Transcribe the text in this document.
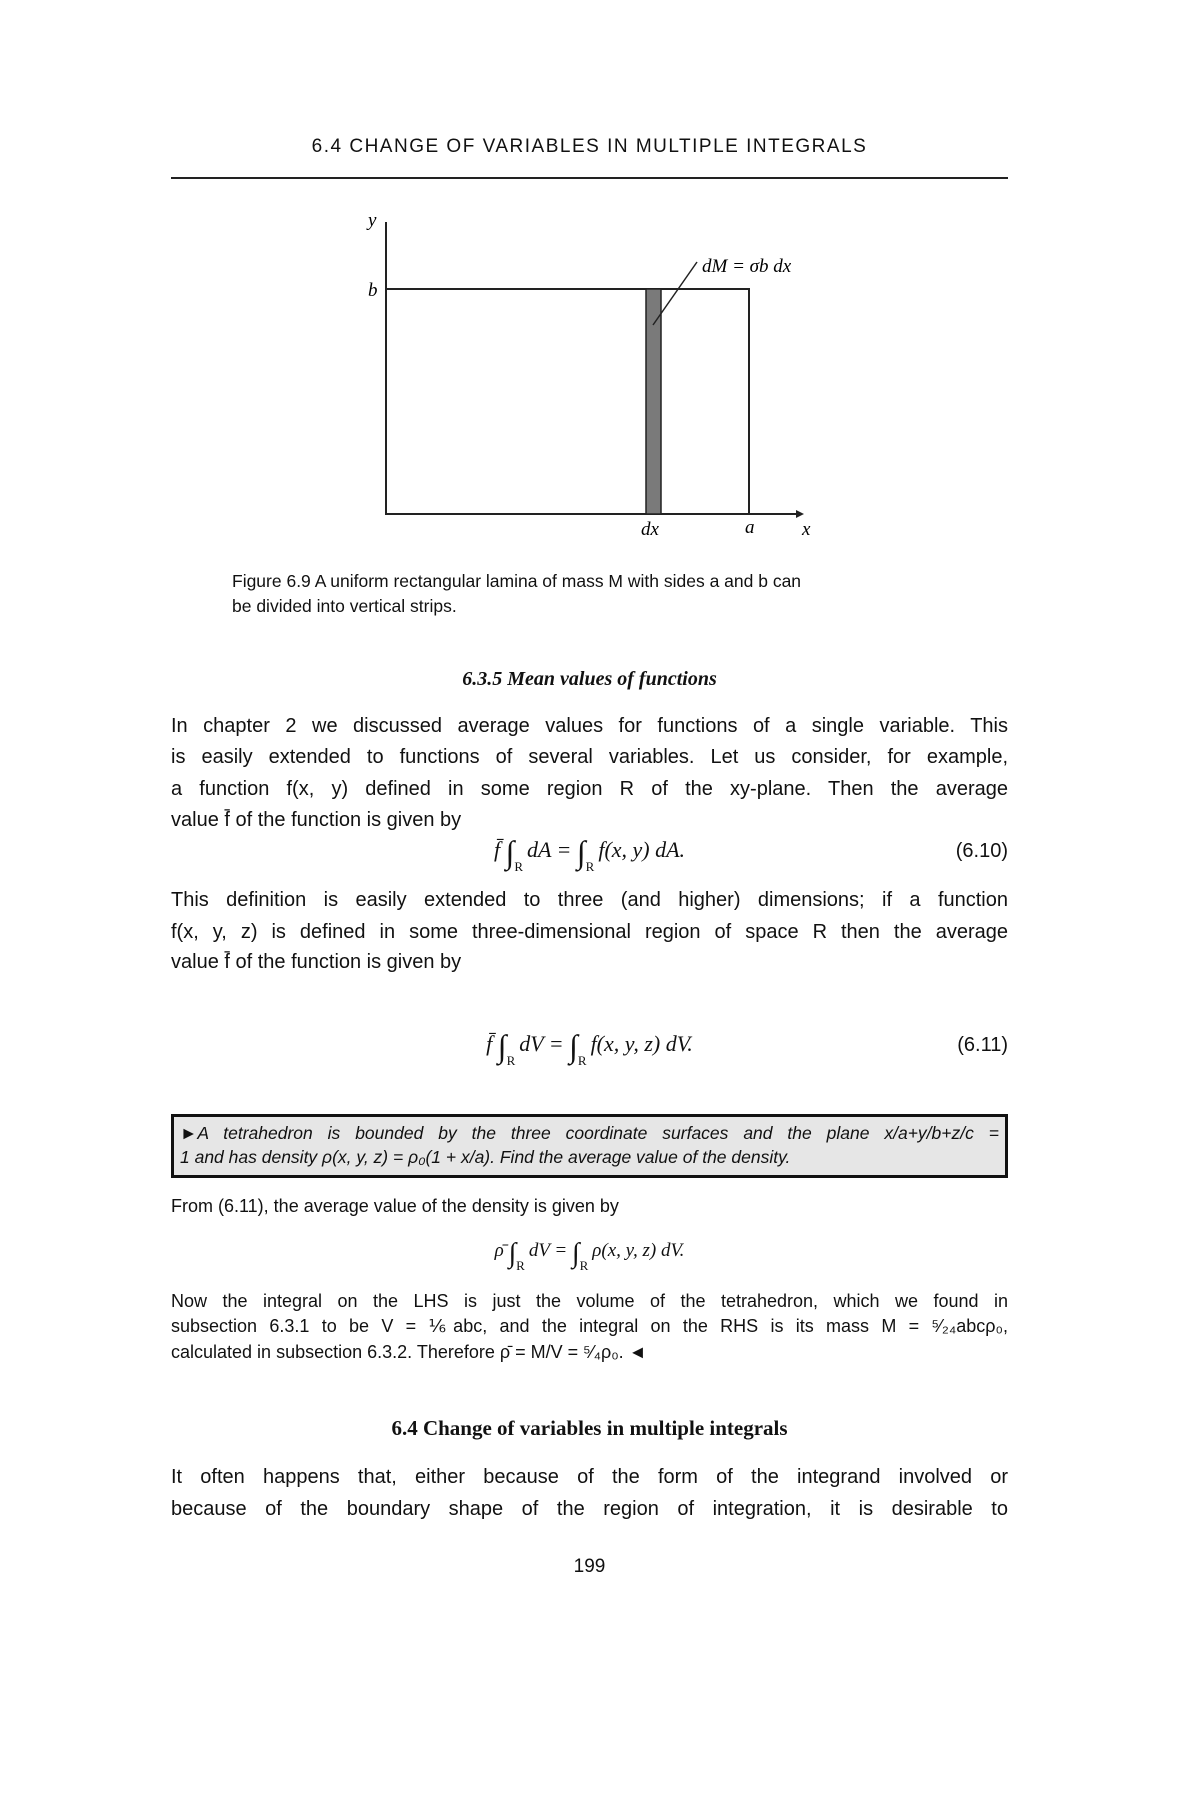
6.4 CHANGE OF VARIABLES IN MULTIPLE INTEGRALS
y
b
dM = σb dx
dx	a	x
Figure 6.9 A uniform rectangular lamina of mass M with sides a and b can
be divided into vertical strips.
6.3.5 Mean values of functions
In chapter 2 we discussed average values for functions of a single variable. This
is easily extended to functions of several variables. Let us consider, for example,
a function f(x, y) defined in some region R of the xy-plane. Then the average
value f̄ of the function is given by
f̄ $\int_RdA = \int_Rf(x$, y) dA.	(6.10)
This definition is easily extended to three (and higher) dimensions; if a function
f(x, y, z) is defined in some three-dimensional region of space R then the average
value f̄ of the function is given by
f̄ $\int_RdV = \int_Rf(x$, y, z) dV.	(6.11)
►A tetrahedron is bounded by the three coordinate surfaces and the plane x/a+y/b+z/c =
1 and has density ρ(x, y, z) = ρ₀(1 + x/a). Find the average value of the density.
From (6.11), the average value of the density is given by
ρ̄ $\int_RdV = \int_R\rho(x$, y, z) dV.
Now the integral on the LHS is just the volume of the tetrahedron, which we found in
subsection 6.3.1 to be V = ⅙abc, and the integral on the RHS is its mass M = ⁵⁄₂₄abcρ₀,
calculated in subsection 6.3.2. Therefore ρ̄ = M/V = ⁵⁄₄ρ₀. ◄
6.4 Change of variables in multiple integrals
It often happens that, either because of the form of the integrand involved or
because of the boundary shape of the region of integration, it is desirable to
199
